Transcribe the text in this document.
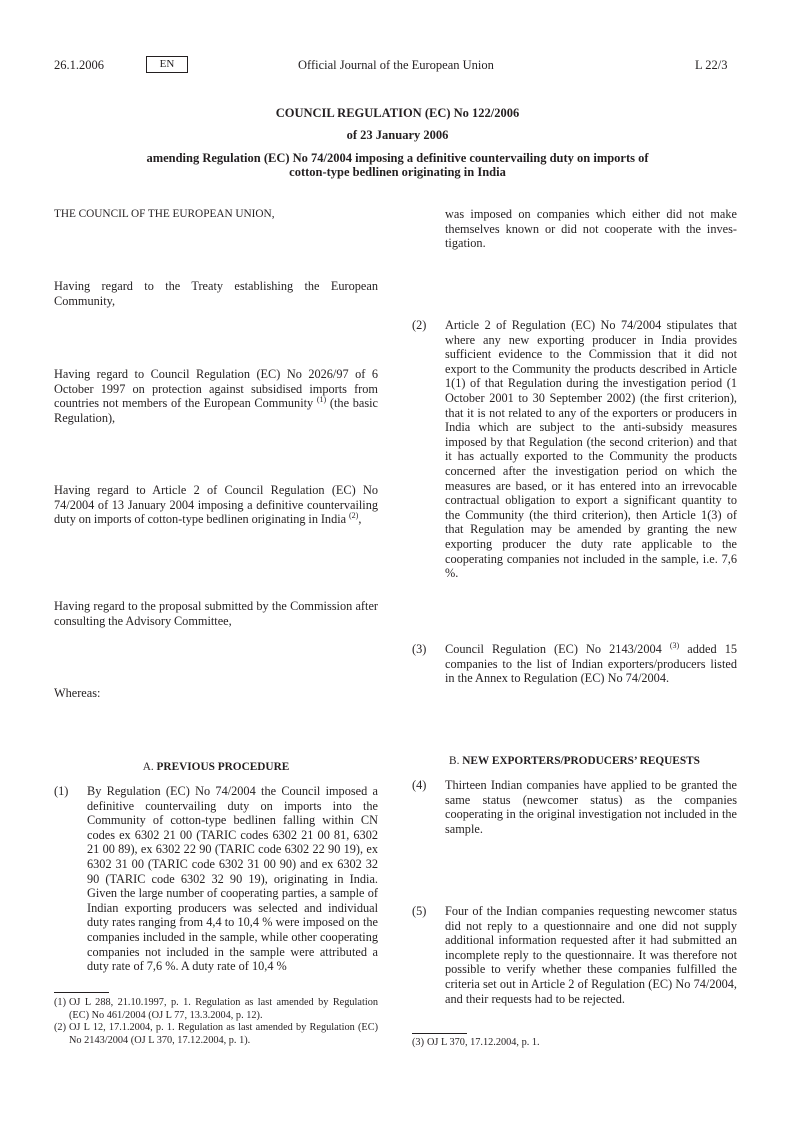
26.1.2006	EN	Official Journal of the European Union	L 22/3
COUNCIL REGULATION (EC) No 122/2006
of 23 January 2006
amending Regulation (EC) No 74/2004 imposing a definitive countervailing duty on imports of
cotton-type bedlinen originating in India
THE COUNCIL OF THE EUROPEAN UNION,
Having regard to the Treaty establishing the European Community,
Having regard to Council Regulation (EC) No 2026/97 of 6 October 1997 on protection against subsidised imports from countries not members of the European Community $^{(1)}$ (the basic Regulation),
Having regard to Article 2 of Council Regulation (EC) No 74/2004 of 13 January 2004 imposing a definitive countervailing duty on imports of cotton-type bedlinen originating in India $^{(2)}$,
Having regard to the proposal submitted by the Commission after consulting the Advisory Committee,
Whereas:
A. PREVIOUS PROCEDURE
(1) By Regulation (EC) No 74/2004 the Council imposed a definitive countervailing duty on imports into the Community of cotton-type bedlinen falling within CN codes ex 6302 21 00 (TARIC codes 6302 21 00 81, 6302 21 00 89), ex 6302 22 90 (TARIC code 6302 22 90 19), ex 6302 31 00 (TARIC code 6302 31 00 90) and ex 6302 32 90 (TARIC code 6302 32 90 19), originating in India. Given the large number of cooperating parties, a sample of Indian exporting producers was selected and individual duty rates ranging from 4,4 to 10,4 % were imposed on the companies included in the sample, while other cooperating companies not included in the sample were attributed a duty rate of 7,6 %. A duty rate of 10,4 %
(1) OJ L 288, 21.10.1997, p. 1. Regulation as last amended by Regulation (EC) No 461/2004 (OJ L 77, 13.3.2004, p. 12).
(2) OJ L 12, 17.1.2004, p. 1. Regulation as last amended by Regulation (EC) No 2143/2004 (OJ L 370, 17.12.2004, p. 1).
was imposed on companies which either did not make themselves known or did not cooperate with the investigation.
(2) Article 2 of Regulation (EC) No 74/2004 stipulates that where any new exporting producer in India provides sufficient evidence to the Commission that it did not export to the Community the products described in Article 1(1) of that Regulation during the investigation period (1 October 2001 to 30 September 2002) (the first criterion), that it is not related to any of the exporters or producers in India which are subject to the anti-subsidy measures imposed by that Regulation (the second criterion) and that it has actually exported to the Community the products concerned after the investigation period on which the measures are based, or it has entered into an irrevocable contractual obligation to export a significant quantity to the Community (the third criterion), then Article 1(3) of that Regulation may be amended by granting the new exporting producer the duty rate applicable to the cooperating companies not included in the sample, i.e. 7,6 %.
(3) Council Regulation (EC) No 2143/2004 $^{(3)}$ added 15 companies to the list of Indian exporters/producers listed in the Annex to Regulation (EC) No 74/2004.
B. NEW EXPORTERS/PRODUCERS’ REQUESTS
(4) Thirteen Indian companies have applied to be granted the same status (newcomer status) as the companies cooperating in the original investigation not included in the sample.
(5) Four of the Indian companies requesting newcomer status did not reply to a questionnaire and one did not supply additional information requested after it had submitted an incomplete reply to the questionnaire. It was therefore not possible to verify whether these companies fulfilled the criteria set out in Article 2 of Regulation (EC) No 74/2004, and their requests had to be rejected.
(3) OJ L 370, 17.12.2004, p. 1.
